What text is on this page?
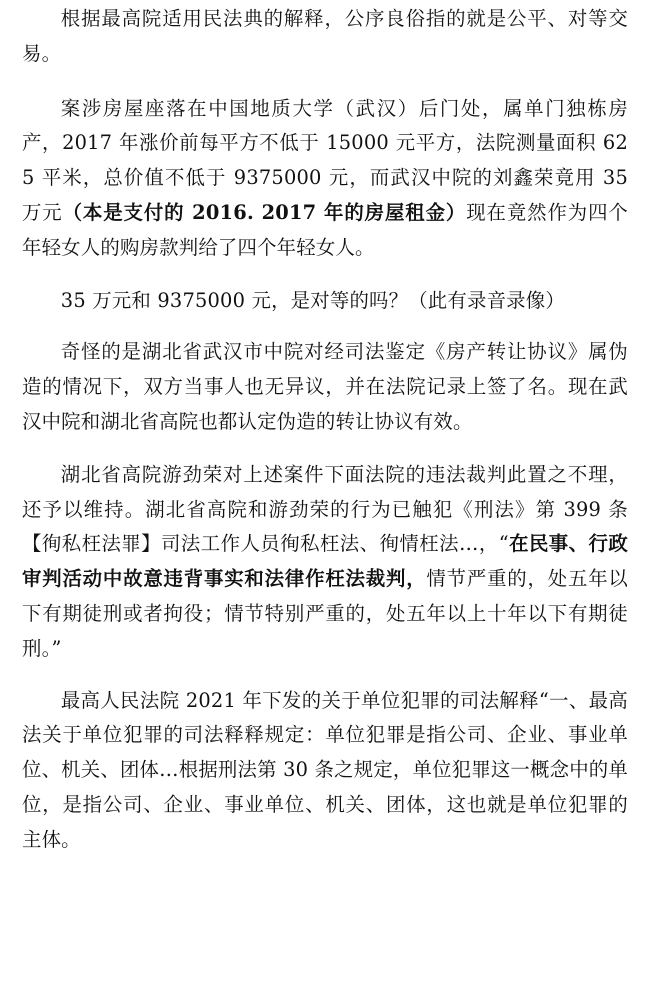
根据最高院适用民法典的解释，公序良俗指的就是公平、对等交易。

案涉房屋座落在中国地质大学（武汉）后门处，属单门独栋房产，2017 年涨价前每平方不低于 15000 元平方，法院测量面积 625 平米，总价值不低于 9375000 元，而武汉中院的刘鑫荣竟用 35 万元（本是支付的 2016. 2017 年的房屋租金）现在竟然作为四个年轻女人的购房款判给了四个年轻女人。

35 万元和 9375000 元，是对等的吗？（此有录音录像）

奇怪的是湖北省武汉市中院对经司法鉴定《房产转让协议》属伪造的情况下，双方当事人也无异议，并在法院记录上签了名。现在武汉中院和湖北省高院也都认定伪造的转让协议有效。

湖北省高院游劲荣对上述案件下面法院的违法裁判此置之不理，还予以维持。湖北省高院和游劲荣的行为已触犯《刑法》第 399 条【徇私枉法罪】司法工作人员徇私枉法、徇情枉法…，“在民事、行政审判活动中故意违背事实和法律作枉法裁判，情节严重的，处五年以下有期徒刑或者拘役；情节特别严重的，处五年以上十年以下有期徒刑。”

最高人民法院 2021 年下发的关于单位犯罪的司法解释“一、最高法关于单位犯罪的司法释释规定：单位犯罪是指公司、企业、事业单位、机关、团体…根据刑法第 30 条之规定，单位犯罪这一概念中的单位，是指公司、企业、事业单位、机关、团体，这也就是单位犯罪的主体。
